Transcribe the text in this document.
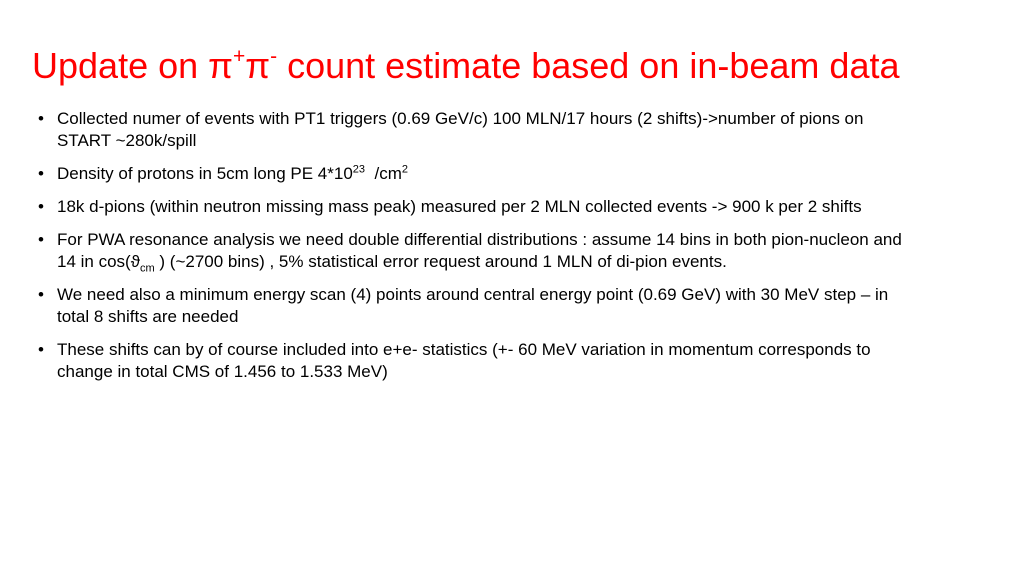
Update on π+π- count estimate based on in-beam data
• Collected numer of events with PT1 triggers (0.69 GeV/c) 100 MLN/17 hours (2 shifts)->number of pions on START ~280k/spill
• Density of protons in 5cm long PE $4*10^{23}$  $/cm^2$
• 18k d-pions (within neutron missing mass peak) measured per 2 MLN collected events -> 900 k per 2 shifts
• For PWA resonance analysis we need double differential distributions : assume 14 bins in both pion-nucleon and 14 in $\cos(ϑ_{cm}$ ) (~2700 bins) , 5% statistical error request around 1 MLN of di-pion events.
• We need also a minimum energy scan (4) points around central energy point (0.69 GeV) with 30 MeV step – in total 8 shifts are needed
• These shifts can by of course included into e+e- statistics (+- 60 MeV variation in momentum corresponds to change in total CMS of 1.456 to 1.533 MeV)
